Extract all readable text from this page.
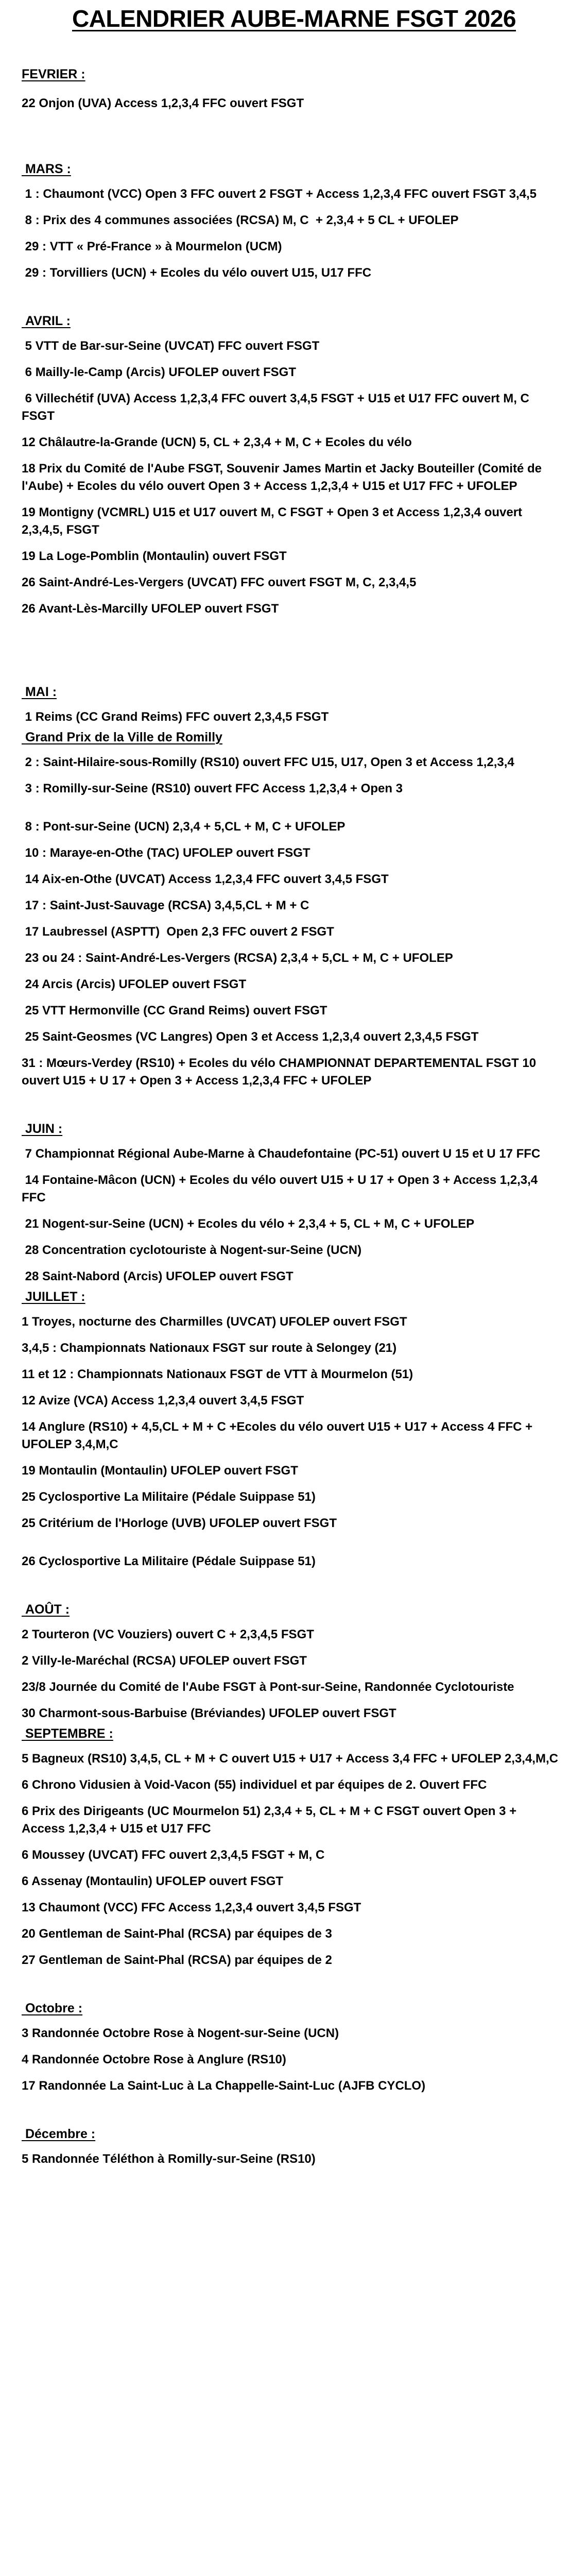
CALENDRIER AUBE-MARNE FSGT 2026
FEVRIER :
22 Onjon (UVA) Access 1,2,3,4 FFC ouvert FSGT
MARS :
1 : Chaumont (VCC) Open 3 FFC ouvert 2 FSGT + Access 1,2,3,4 FFC ouvert FSGT 3,4,5
8 : Prix des 4 communes associées (RCSA) M, C  + 2,3,4 + 5 CL + UFOLEP
29 : VTT « Pré-France » à Mourmelon (UCM)
29 : Torvilliers (UCN) + Ecoles du vélo ouvert U15, U17 FFC
AVRIL :
5 VTT de Bar-sur-Seine (UVCAT) FFC ouvert FSGT
6 Mailly-le-Camp (Arcis) UFOLEP ouvert FSGT
6 Villechétif (UVA) Access 1,2,3,4 FFC ouvert 3,4,5 FSGT + U15 et U17 FFC ouvert M, C FSGT
12 Châlautre-la-Grande (UCN) 5, CL + 2,3,4 + M, C + Ecoles du vélo
18 Prix du Comité de l'Aube FSGT, Souvenir James Martin et Jacky Bouteiller (Comité de l'Aube) + Ecoles du vélo ouvert Open 3 + Access 1,2,3,4 + U15 et U17 FFC + UFOLEP
19 Montigny (VCMRL) U15 et U17 ouvert M, C FSGT + Open 3 et Access 1,2,3,4 ouvert 2,3,4,5, FSGT
19 La Loge-Pomblin (Montaulin) ouvert FSGT
26 Saint-André-Les-Vergers (UVCAT) FFC ouvert FSGT M, C, 2,3,4,5
26 Avant-Lès-Marcilly UFOLEP ouvert FSGT
MAI :
1 Reims (CC Grand Reims) FFC ouvert 2,3,4,5 FSGT
Grand Prix de la Ville de Romilly
2 : Saint-Hilaire-sous-Romilly (RS10) ouvert FFC U15, U17, Open 3 et Access 1,2,3,4
3 : Romilly-sur-Seine (RS10) ouvert FFC Access 1,2,3,4 + Open 3
8 : Pont-sur-Seine (UCN) 2,3,4 + 5,CL + M, C + UFOLEP
10 : Maraye-en-Othe (TAC) UFOLEP ouvert FSGT
14 Aix-en-Othe (UVCAT) Access 1,2,3,4 FFC ouvert 3,4,5 FSGT
17 : Saint-Just-Sauvage (RCSA) 3,4,5,CL + M + C
17 Laubressel (ASPTT)  Open 2,3 FFC ouvert 2 FSGT
23 ou 24 : Saint-André-Les-Vergers (RCSA) 2,3,4 + 5,CL + M, C + UFOLEP
24 Arcis (Arcis) UFOLEP ouvert FSGT
25 VTT Hermonville (CC Grand Reims) ouvert FSGT
25 Saint-Geosmes (VC Langres) Open 3 et Access 1,2,3,4 ouvert 2,3,4,5 FSGT
31 : Mœurs-Verdey (RS10) + Ecoles du vélo CHAMPIONNAT DEPARTEMENTAL FSGT 10 ouvert U15 + U 17 + Open 3 + Access 1,2,3,4 FFC + UFOLEP
JUIN :
7 Championnat Régional Aube-Marne à Chaudefontaine (PC-51) ouvert U 15 et U 17 FFC
14 Fontaine-Mâcon (UCN) + Ecoles du vélo ouvert U15 + U 17 + Open 3 + Access 1,2,3,4 FFC
21 Nogent-sur-Seine (UCN) + Ecoles du vélo + 2,3,4 + 5, CL + M, C + UFOLEP
28 Concentration cyclotouriste à Nogent-sur-Seine (UCN)
28 Saint-Nabord (Arcis) UFOLEP ouvert FSGT
JUILLET :
1 Troyes, nocturne des Charmilles (UVCAT) UFOLEP ouvert FSGT
3,4,5 : Championnats Nationaux FSGT sur route à Selongey (21)
11 et 12 : Championnats Nationaux FSGT de VTT à Mourmelon (51)
12 Avize (VCA) Access 1,2,3,4 ouvert 3,4,5 FSGT
14 Anglure (RS10) + 4,5,CL + M + C +Ecoles du vélo ouvert U15 + U17 + Access 4 FFC + UFOLEP 3,4,M,C
19 Montaulin (Montaulin) UFOLEP ouvert FSGT
25 Cyclosportive La Militaire (Pédale Suippase 51)
25 Critérium de l'Horloge (UVB) UFOLEP ouvert FSGT
26 Cyclosportive La Militaire (Pédale Suippase 51)
AOÛT :
2 Tourteron (VC Vouziers) ouvert C + 2,3,4,5 FSGT
2 Villy-le-Maréchal (RCSA) UFOLEP ouvert FSGT
23/8 Journée du Comité de l'Aube FSGT à Pont-sur-Seine, Randonnée Cyclotouriste
30 Charmont-sous-Barbuise (Bréviandes) UFOLEP ouvert FSGT
SEPTEMBRE :
5 Bagneux (RS10) 3,4,5, CL + M + C ouvert U15 + U17 + Access 3,4 FFC + UFOLEP 2,3,4,M,C
6 Chrono Vidusien à Void-Vacon (55) individuel et par équipes de 2. Ouvert FFC
6 Prix des Dirigeants (UC Mourmelon 51) 2,3,4 + 5, CL + M + C FSGT ouvert Open 3 + Access 1,2,3,4 + U15 et U17 FFC
6 Moussey (UVCAT) FFC ouvert 2,3,4,5 FSGT + M, C
6 Assenay (Montaulin) UFOLEP ouvert FSGT
13 Chaumont (VCC) FFC Access 1,2,3,4 ouvert 3,4,5 FSGT
20 Gentleman de Saint-Phal (RCSA) par équipes de 3
27 Gentleman de Saint-Phal (RCSA) par équipes de 2
Octobre :
3 Randonnée Octobre Rose à Nogent-sur-Seine (UCN)
4 Randonnée Octobre Rose à Anglure (RS10)
17 Randonnée La Saint-Luc à La Chappelle-Saint-Luc (AJFB CYCLO)
Décembre :
5 Randonnée Téléthon à Romilly-sur-Seine (RS10)
